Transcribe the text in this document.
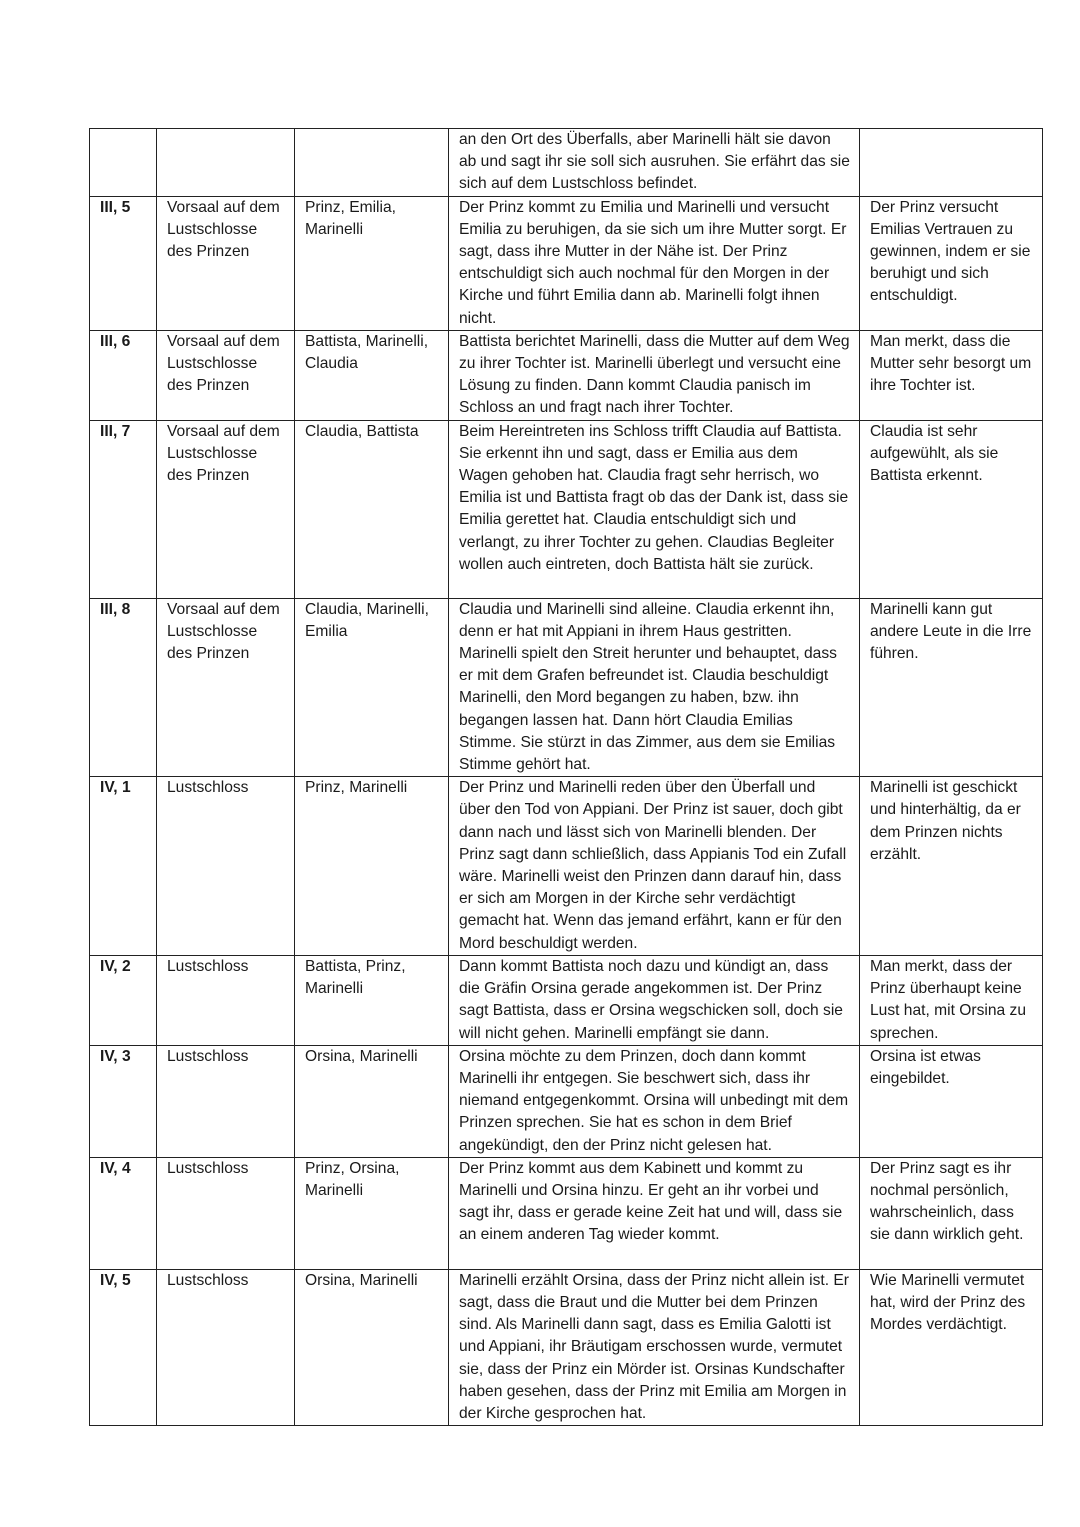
			an den Ort des Überfalls, aber Marinelli hält sie davon ab und sagt ihr sie soll sich ausruhen. Sie erfährt das sie sich auf dem Lustschloss befindet.	

III, 5	Vorsaal auf dem Lustschlosse des Prinzen	Prinz, Emilia, Marinelli	Der Prinz kommt zu Emilia und Marinelli und versucht Emilia zu beruhigen, da sie sich um ihre Mutter sorgt. Er sagt, dass ihre Mutter in der Nähe ist. Der Prinz entschuldigt sich auch nochmal für den Morgen in der Kirche und führt Emilia dann ab. Marinelli folgt ihnen nicht.	Der Prinz versucht Emilias Vertrauen zu gewinnen, indem er sie beruhigt und sich entschuldigt.

III, 6	Vorsaal auf dem Lustschlosse des Prinzen	Battista, Marinelli, Claudia	Battista berichtet Marinelli, dass die Mutter auf dem Weg zu ihrer Tochter ist. Marinelli überlegt und versucht eine Lösung zu finden. Dann kommt Claudia panisch im Schloss an und fragt nach ihrer Tochter.	Man merkt, dass die Mutter sehr besorgt um ihre Tochter ist.

III, 7	Vorsaal auf dem Lustschlosse des Prinzen	Claudia, Battista	Beim Hereintreten ins Schloss trifft Claudia auf Battista. Sie erkennt ihn und sagt, dass er Emilia aus dem Wagen gehoben hat. Claudia fragt sehr herrisch, wo Emilia ist und Battista fragt ob das der Dank ist, dass sie Emilia gerettet hat. Claudia entschuldigt sich und verlangt, zu ihrer Tochter zu gehen. Claudias Begleiter wollen auch eintreten, doch Battista hält sie zurück.	Claudia ist sehr aufgewühlt, als sie Battista erkennt.

III, 8	Vorsaal auf dem Lustschlosse des Prinzen	Claudia, Marinelli, Emilia	Claudia und Marinelli sind alleine. Claudia erkennt ihn, denn er hat mit Appiani in ihrem Haus gestritten. Marinelli spielt den Streit herunter und behauptet, dass er mit dem Grafen befreundet ist. Claudia beschuldigt Marinelli, den Mord begangen zu haben, bzw. ihn begangen lassen hat. Dann hört Claudia Emilias Stimme. Sie stürzt in das Zimmer, aus dem sie Emilias Stimme gehört hat.	Marinelli kann gut andere Leute in die Irre führen.

IV, 1	Lustschloss	Prinz, Marinelli	Der Prinz und Marinelli reden über den Überfall und über den Tod von Appiani. Der Prinz ist sauer, doch gibt dann nach und lässt sich von Marinelli blenden. Der Prinz sagt dann schließlich, dass Appianis Tod ein Zufall wäre. Marinelli weist den Prinzen dann darauf hin, dass er sich am Morgen in der Kirche sehr verdächtigt gemacht hat. Wenn das jemand erfährt, kann er für den Mord beschuldigt werden.	Marinelli ist geschickt und hinterhältig, da er dem Prinzen nichts erzählt.

IV, 2	Lustschloss	Battista, Prinz, Marinelli	Dann kommt Battista noch dazu und kündigt an, dass die Gräfin Orsina gerade angekommen ist. Der Prinz sagt Battista, dass er Orsina wegschicken soll, doch sie will nicht gehen. Marinelli empfängt sie dann.	Man merkt, dass der Prinz überhaupt keine Lust hat, mit Orsina zu sprechen.

IV, 3	Lustschloss	Orsina, Marinelli	Orsina möchte zu dem Prinzen, doch dann kommt Marinelli ihr entgegen. Sie beschwert sich, dass ihr niemand entgegenkommt. Orsina will unbedingt mit dem Prinzen sprechen. Sie hat es schon in dem Brief angekündigt, den der Prinz nicht gelesen hat.	Orsina ist etwas eingebildet.

IV, 4	Lustschloss	Prinz, Orsina, Marinelli	Der Prinz kommt aus dem Kabinett und kommt zu Marinelli und Orsina hinzu. Er geht an ihr vorbei und sagt ihr, dass er gerade keine Zeit hat und will, dass sie an einem anderen Tag wieder kommt.	Der Prinz sagt es ihr nochmal persönlich, wahrscheinlich, dass sie dann wirklich geht.

IV, 5	Lustschloss	Orsina, Marinelli	Marinelli erzählt Orsina, dass der Prinz nicht allein ist. Er sagt, dass die Braut und die Mutter bei dem Prinzen sind. Als Marinelli dann sagt, dass es Emilia Galotti ist und Appiani, ihr Bräutigam erschossen wurde, vermutet sie, dass der Prinz ein Mörder ist. Orsinas Kundschafter haben gesehen, dass der Prinz mit Emilia am Morgen in der Kirche gesprochen hat.	Wie Marinelli vermutet hat, wird der Prinz des Mordes verdächtigt.
